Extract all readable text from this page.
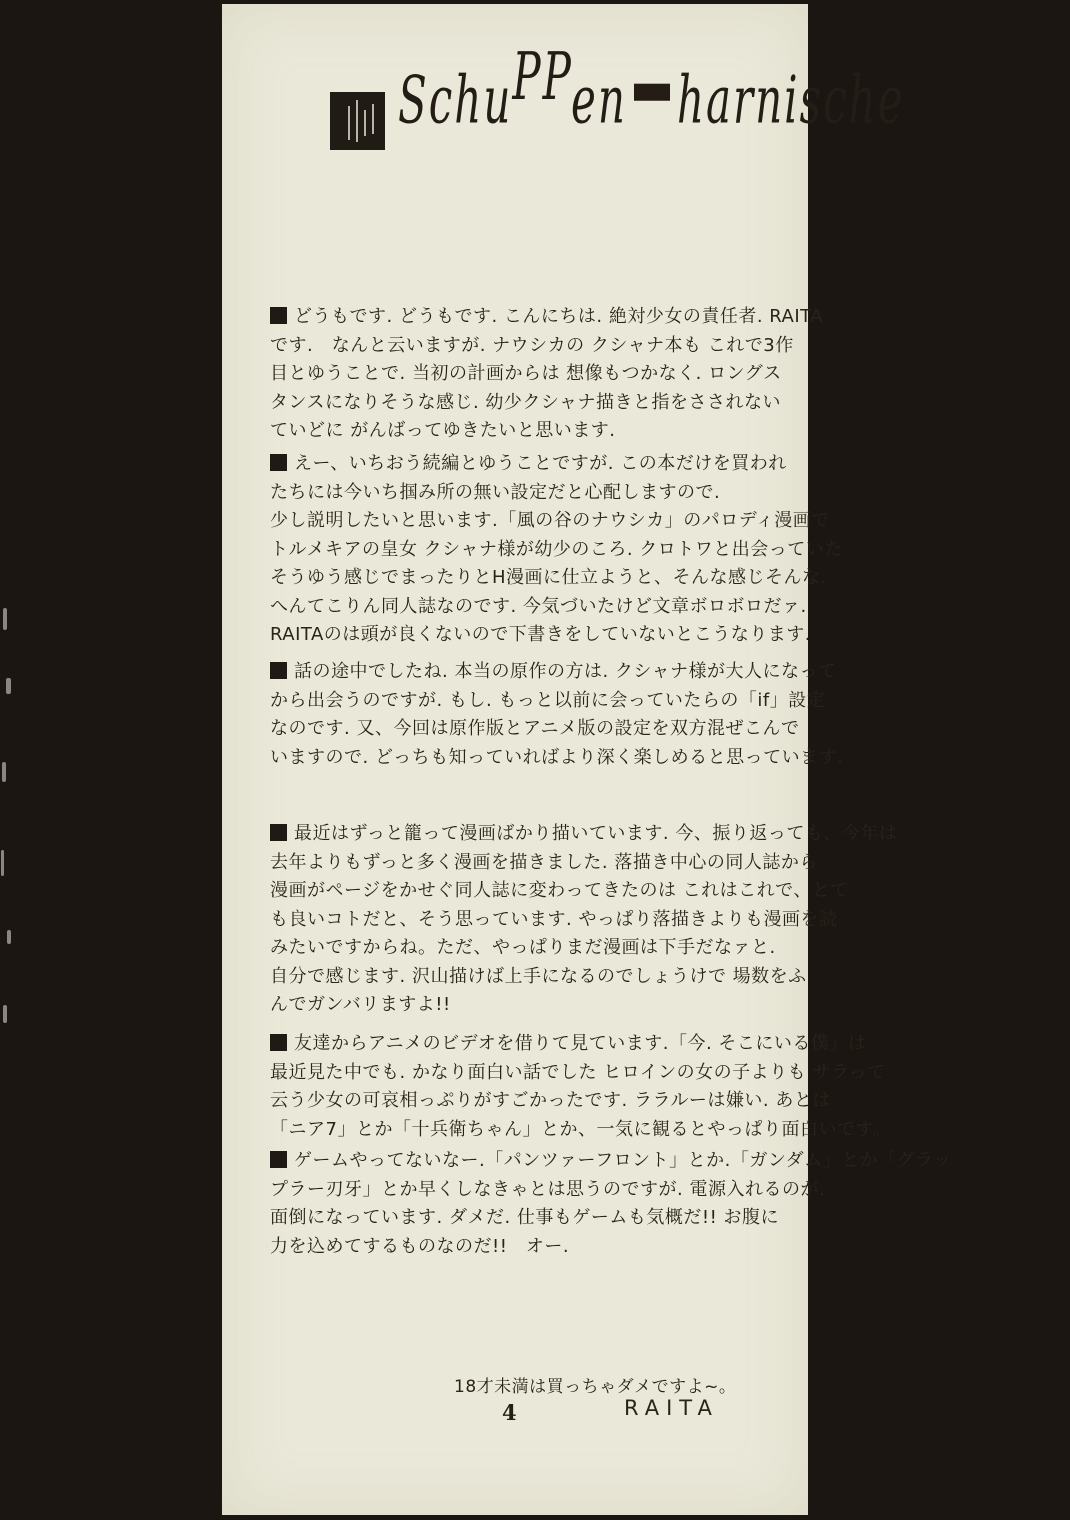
SchuPPen harnische
どうもです. どうもです. こんにちは. 絶対少女の責任者. RAITA
です.　なんと云いますが. ナウシカの クシャナ本も これで3作
目とゆうことで. 当初の計画からは 想像もつかなく. ロングス
タンスになりそうな感じ. 幼少クシャナ描きと指をさされない
ていどに がんばってゆきたいと思います.
えー、いちおう続編とゆうことですが. この本だけを買われ
たちには今いち掴み所の無い設定だと心配しますので.
少し説明したいと思います.「風の谷のナウシカ」のパロディ漫画で
トルメキアの皇女 クシャナ様が幼少のころ. クロトワと出会っていた
そうゆう感じでまったりとH漫画に仕立ようと、そんな感じそんな.
へんてこりん同人誌なのです. 今気づいたけど文章ボロボロだァ.
RAITAのは頭が良くないので下書きをしていないとこうなります.
話の途中でしたね. 本当の原作の方は. クシャナ様が大人になって
から出会うのですが. もし. もっと以前に会っていたらの「if」設定
なのです. 又、今回は原作版とアニメ版の設定を双方混ぜこんで
いますので. どっちも知っていればより深く楽しめると思っています.
最近はずっと籠って漫画ばかり描いています. 今、振り返っても、今年は
去年よりもずっと多く漫画を描きました. 落描き中心の同人誌から
漫画がページをかせぐ同人誌に変わってきたのは これはこれで、とて
も良いコトだと、そう思っています. やっぱり落描きよりも漫画を読
みたいですからね。ただ、やっぱりまだ漫画は下手だなァと.
自分で感じます. 沢山描けば上手になるのでしょうけで 場数をふ
んでガンバリますよ!!
友達からアニメのビデオを借りて見ています.「今. そこにいる僕」は
最近見た中でも. かなり面白い話でした ヒロインの女の子よりも サラって
云う少女の可哀相っぷりがすごかったです. ララルーは嫌い. あとは
「ニア7」とか「十兵衛ちゃん」とか、一気に観るとやっぱり面白いです。
ゲームやってないなー.「パンツァーフロント」とか.「ガンダム」とか「グラッ
プラー刃牙」とか早くしなきゃとは思うのですが. 電源入れるのが.
面倒になっています. ダメだ. 仕事もゲームも気概だ!! お腹に
力を込めてするものなのだ!!　オー.
18才未満は買っちゃダメですよ~。
4	RAITA
